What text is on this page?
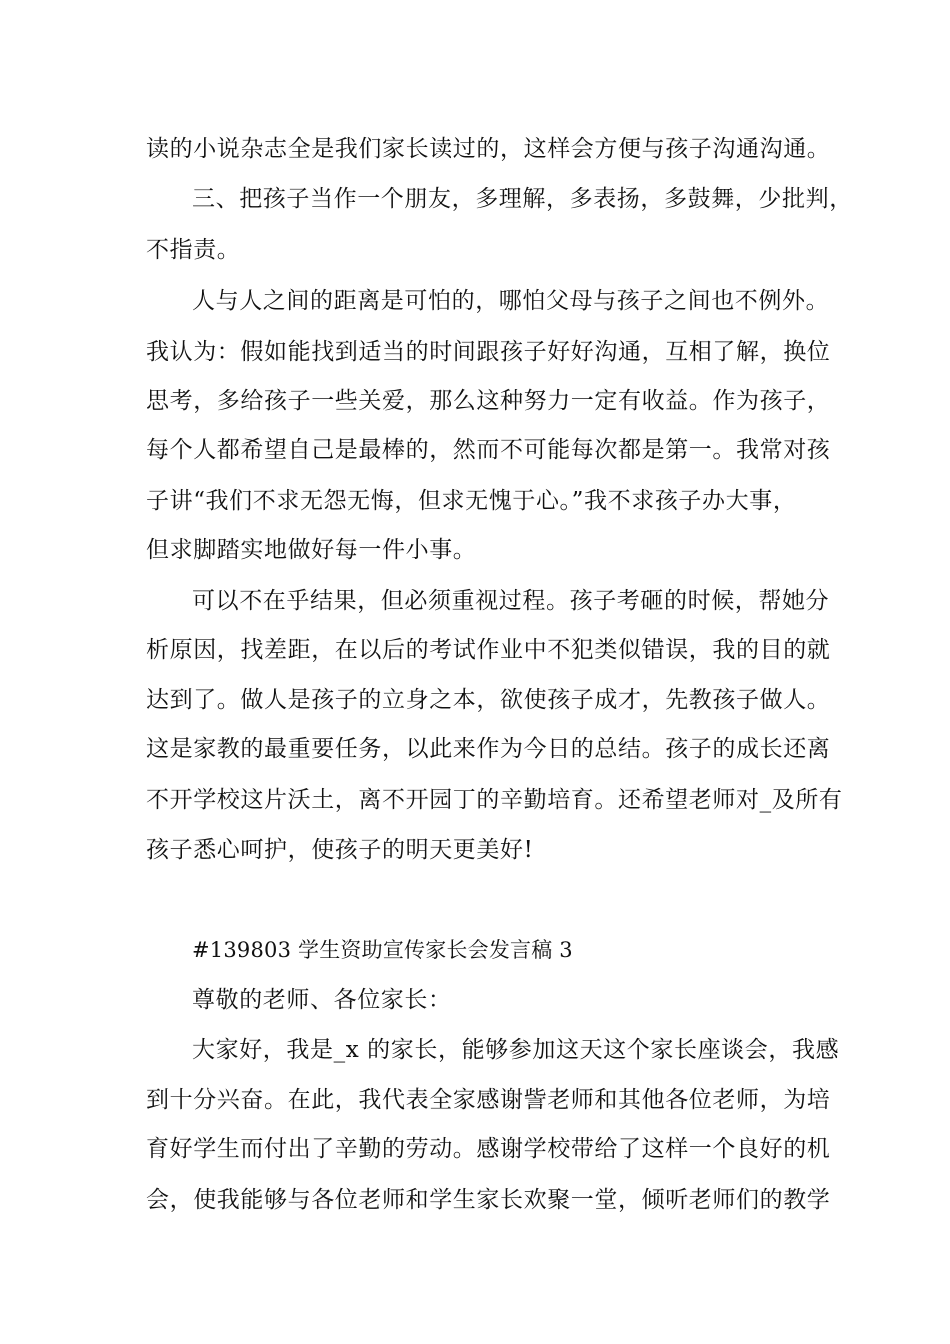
读的小说杂志全是我们家长读过的，这样会方便与孩子沟通沟通。
三、把孩子当作一个朋友，多理解，多表扬，多鼓舞，少批判，
不指责。
人与人之间的距离是可怕的，哪怕父母与孩子之间也不例外。
我认为：假如能找到适当的时间跟孩子好好沟通，互相了解，换位
思考，多给孩子一些关爱，那么这种努力一定有收益。作为孩子，
每个人都希望自己是最棒的，然而不可能每次都是第一。我常对孩
子讲“我们不求无怨无悔，但求无愧于心。”我不求孩子办大事，
但求脚踏实地做好每一件小事。
可以不在乎结果，但必须重视过程。孩子考砸的时候，帮她分
析原因，找差距，在以后的考试作业中不犯类似错误，我的目的就
达到了。做人是孩子的立身之本，欲使孩子成才，先教孩子做人。
这是家教的最重要任务，以此来作为今日的总结。孩子的成长还离
不开学校这片沃土，离不开园丁的辛勤培育。还希望老师对_及所有
孩子悉心呵护，使孩子的明天更美好!
#139803 学生资助宣传家长会发言稿 3
尊敬的老师、各位家长：
大家好，我是_x 的家长，能够参加这天这个家长座谈会，我感
到十分兴奋。在此，我代表全家感谢訾老师和其他各位老师，为培
育好学生而付出了辛勤的劳动。感谢学校带给了这样一个良好的机
会，使我能够与各位老师和学生家长欢聚一堂，倾听老师们的教学
